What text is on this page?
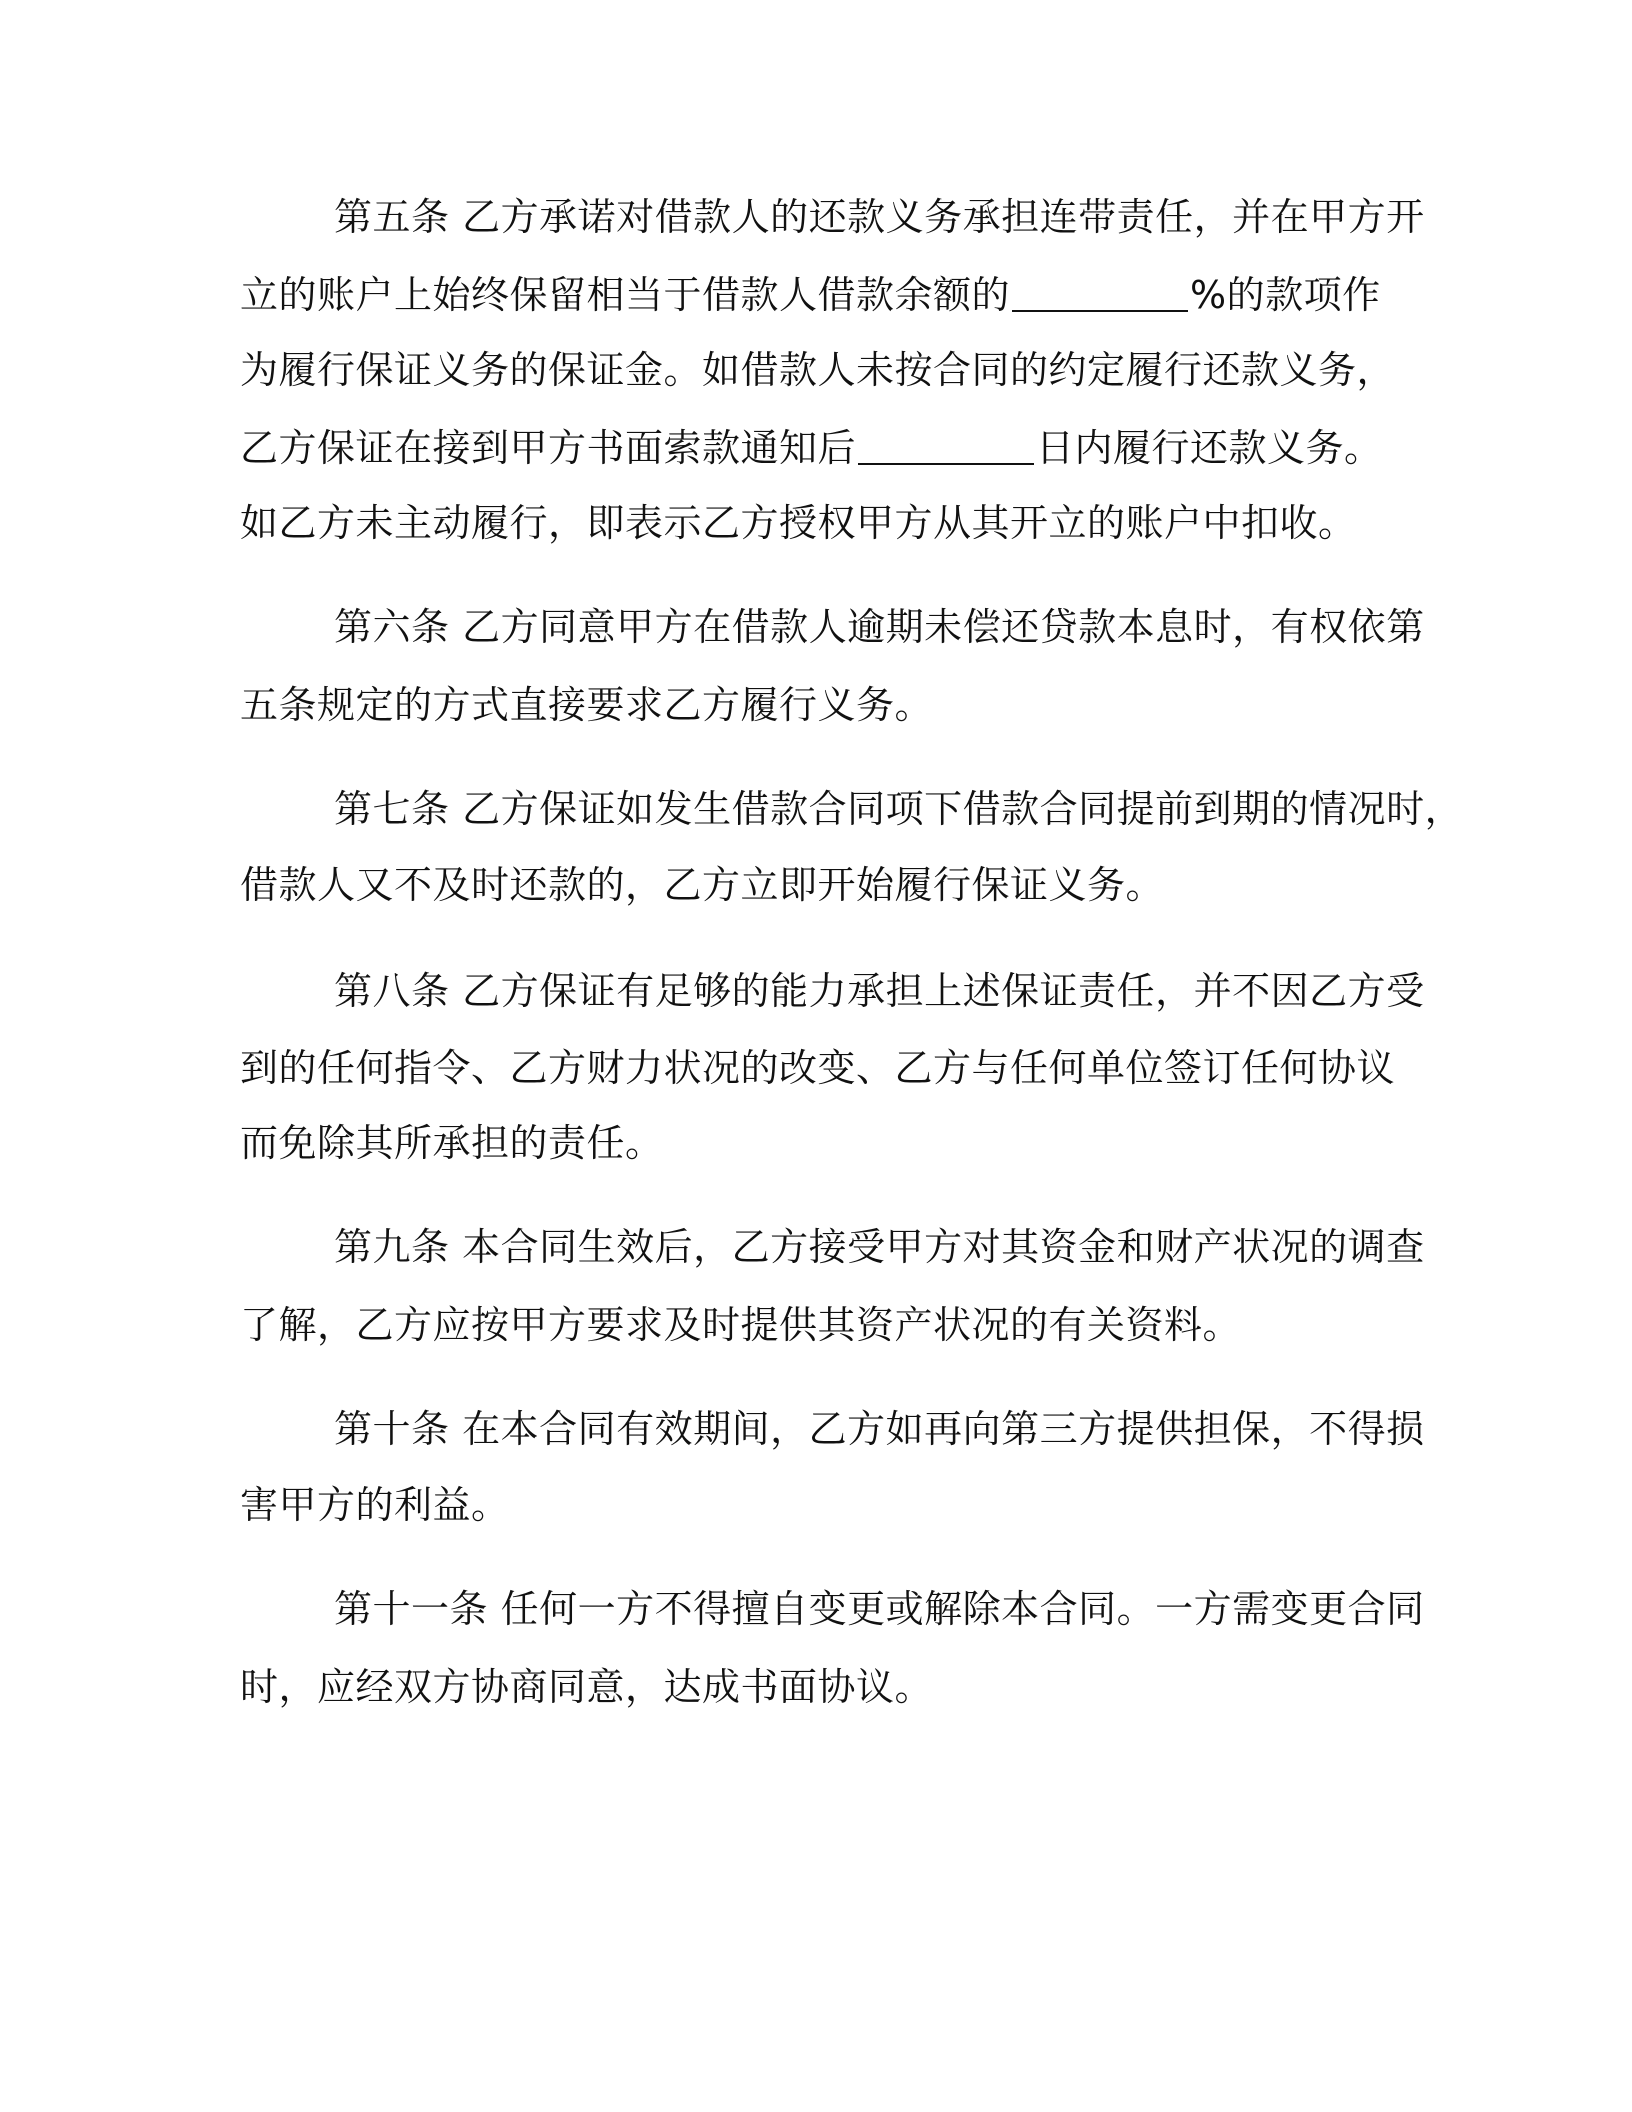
第五条 乙方承诺对借款人的还款义务承担连带责任，并在甲方开
立的账户上始终保留相当于借款人借款余额的	%的款项作
为履行保证义务的保证金。如借款人未按合同的约定履行还款义务，
乙方保证在接到甲方书面索款通知后	日内履行还款义务。
如乙方未主动履行，即表示乙方授权甲方从其开立的账户中扣收。
第六条 乙方同意甲方在借款人逾期未偿还贷款本息时，有权依第
五条规定的方式直接要求乙方履行义务。
第七条 乙方保证如发生借款合同项下借款合同提前到期的情况时，
借款人又不及时还款的，乙方立即开始履行保证义务。
第八条 乙方保证有足够的能力承担上述保证责任，并不因乙方受
到的任何指令、乙方财力状况的改变、乙方与任何单位签订任何协议
而免除其所承担的责任。
第九条 本合同生效后，乙方接受甲方对其资金和财产状况的调查
了解，乙方应按甲方要求及时提供其资产状况的有关资料。
第十条 在本合同有效期间，乙方如再向第三方提供担保，不得损
害甲方的利益。
第十一条 任何一方不得擅自变更或解除本合同。一方需变更合同
时，应经双方协商同意，达成书面协议。
